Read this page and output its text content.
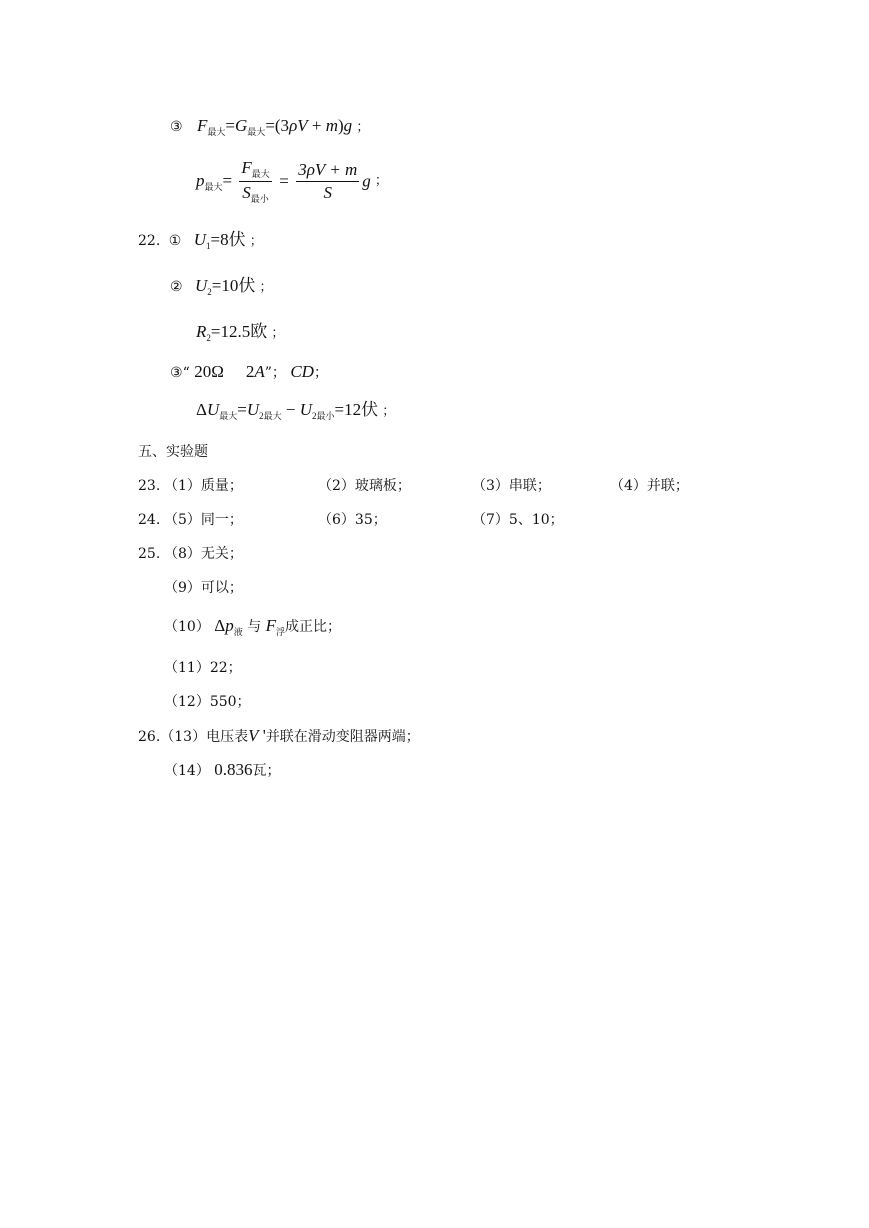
③ $F_{最大}=G_{最大}=(3\rho V + m)g$ ；
$p_{最大}= \frac{F_{最大}}{S_{最小}} = \frac{3\rho V + m}{S}$ g ；
22. ① $U_1=8$伏 ；
② $U_2=10$伏 ；
$R_2=12.5$欧 ；
③“ 20Ω 2A”； CD；
$\Delta U_{最大}=U_{2最大} - U_{2最小}=12$伏 ；
五、实验题
23. （1）质量；	（2）玻璃板；	（3）串联；	（4）并联；
24. （5）同一；	（6）35；	（7）5、10；
25. （8）无关；
（9）可以；
（10） $\Delta p_液$ 与 $F_浮$成正比；
（11）22；
（12）550；
26.（13）电压表V '并联在滑动变阻器两端；
（14） 0.836瓦；
